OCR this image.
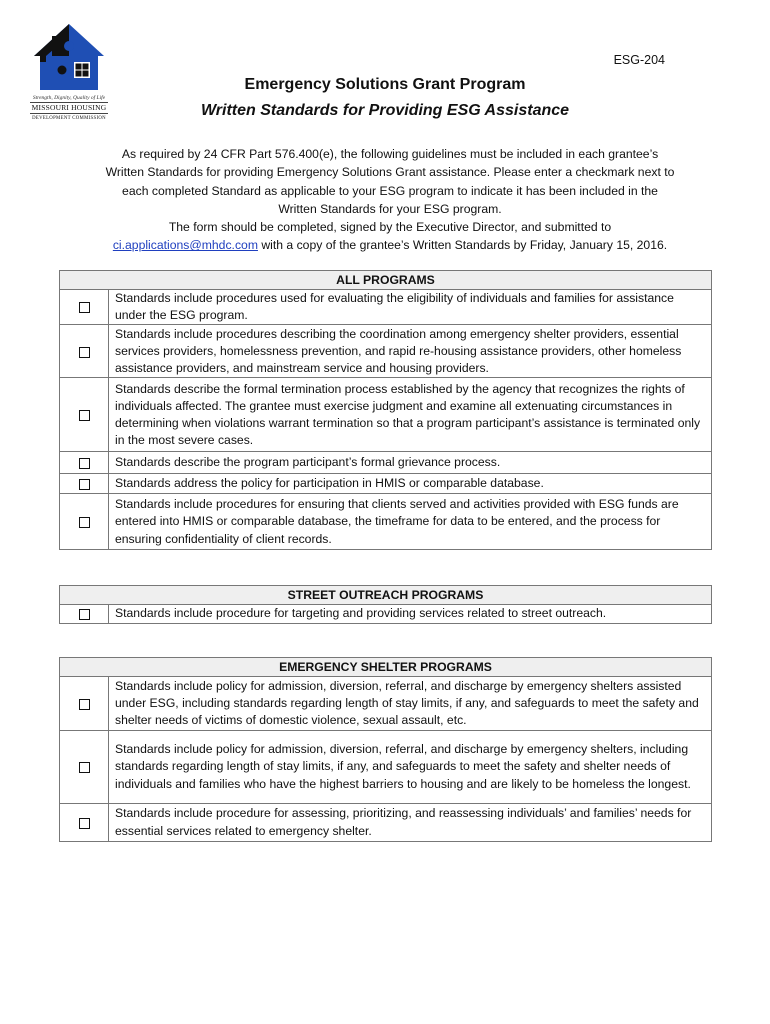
Strength, Dignity, Quality of Life
MISSOURI HOUSING
DEVELOPMENT COMMISSION
ESG-204
Emergency Solutions Grant Program
Written Standards for Providing ESG Assistance
As required by 24 CFR Part 576.400(e), the following guidelines must be included in each grantee’s
Written Standards for providing Emergency Solutions Grant assistance. Please enter a checkmark next to
each completed Standard as applicable to your ESG program to indicate it has been included in the
Written Standards for your ESG program.
The form should be completed, signed by the Executive Director, and submitted to
ci.applications@mhdc.com with a copy of the grantee’s Written Standards by Friday, January 15, 2016.
ALL PROGRAMS	
	Standards include procedures used for evaluating the eligibility of individuals and families for assistance under the ESG program.
	Standards include procedures describing the coordination among emergency shelter providers, essential services providers, homelessness prevention, and rapid re-housing assistance providers, other homeless assistance providers, and mainstream service and housing providers.
	Standards describe the formal termination process established by the agency that recognizes the rights of individuals affected. The grantee must exercise judgment and examine all extenuating circumstances in determining when violations warrant termination so that a program participant’s assistance is terminated only in the most severe cases.
	Standards describe the program participant’s formal grievance process.
	Standards address the policy for participation in HMIS or comparable database.
	Standards include procedures for ensuring that clients served and activities provided with ESG funds are entered into HMIS or comparable database, the timeframe for data to be entered, and the process for ensuring confidentiality of client records.
STREET OUTREACH PROGRAMS
	Standards include procedure for targeting and providing services related to street outreach.
EMERGENCY SHELTER PROGRAMS	
	Standards include policy for admission, diversion, referral, and discharge by emergency shelters assisted under ESG, including standards regarding length of stay limits, if any, and safeguards to meet the safety and shelter needs of victims of domestic violence, sexual assault, etc.
	Standards include policy for admission, diversion, referral, and discharge by emergency shelters, including standards regarding length of stay limits, if any, and safeguards to meet the safety and shelter needs of individuals and families who have the highest barriers to housing and are likely to be homeless the longest.
	Standards include procedure for assessing, prioritizing, and reassessing individuals’ and families’ needs for essential services related to emergency shelter.
